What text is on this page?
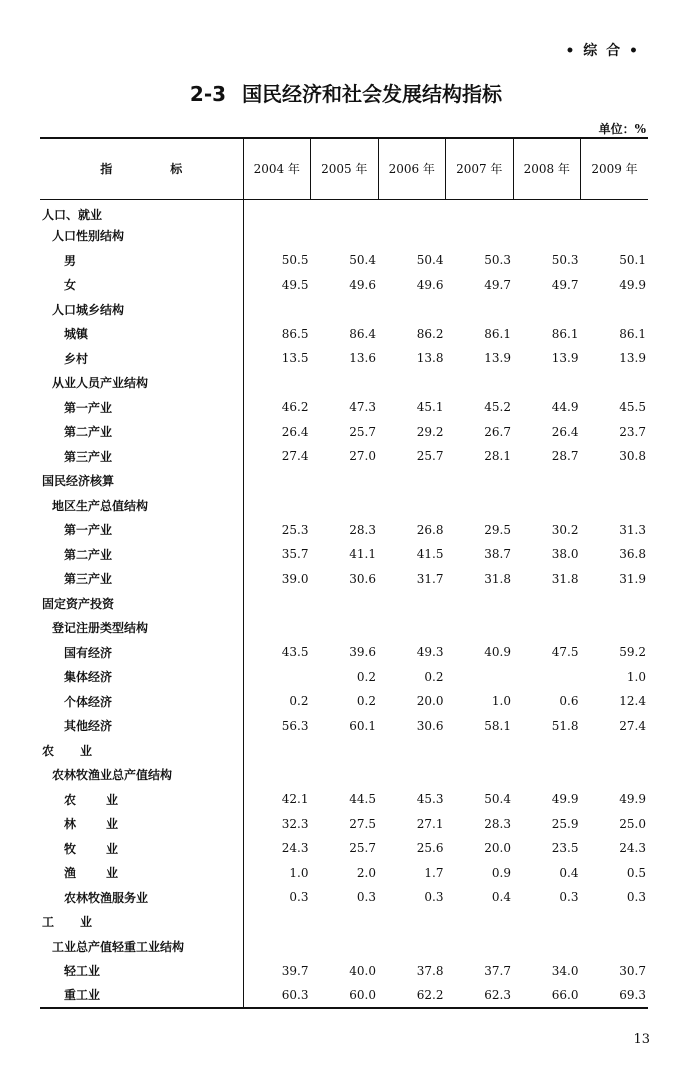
• 综 合 •
2-3 国民经济和社会发展结构指标
单位：%
指 标	2004 年	2005 年	2006 年	2007 年	2008 年	2009 年
人口、就业						
人口性别结构						
男	50.5	50.4	50.4	50.3	50.3	50.1
女	49.5	49.6	49.6	49.7	49.7	49.9
人口城乡结构						
城镇	86.5	86.4	86.2	86.1	86.1	86.1
乡村	13.5	13.6	13.8	13.9	13.9	13.9
从业人员产业结构						
第一产业	46.2	47.3	45.1	45.2	44.9	45.5
第二产业	26.4	25.7	29.2	26.7	26.4	23.7
第三产业	27.4	27.0	25.7	28.1	28.7	30.8
国民经济核算						
地区生产总值结构						
第一产业	25.3	28.3	26.8	29.5	30.2	31.3
第二产业	35.7	41.1	41.5	38.7	38.0	36.8
第三产业	39.0	30.6	31.7	31.8	31.8	31.9
固定资产投资						
登记注册类型结构						
国有经济	43.5	39.6	49.3	40.9	47.5	59.2
集体经济		0.2	0.2			1.0
个体经济	0.2	0.2	20.0	1.0	0.6	12.4
其他经济	56.3	60.1	30.6	58.1	51.8	27.4
农 业						
农林牧渔业总产值结构						
农 业	42.1	44.5	45.3	50.4	49.9	49.9
林 业	32.3	27.5	27.1	28.3	25.9	25.0
牧 业	24.3	25.7	25.6	20.0	23.5	24.3
渔 业	1.0	2.0	1.7	0.9	0.4	0.5
农林牧渔服务业	0.3	0.3	0.3	0.4	0.3	0.3
工 业						
工业总产值轻重工业结构						
轻工业	39.7	40.0	37.8	37.7	34.0	30.7
重工业	60.3	60.0	62.2	62.3	66.0	69.3
13
